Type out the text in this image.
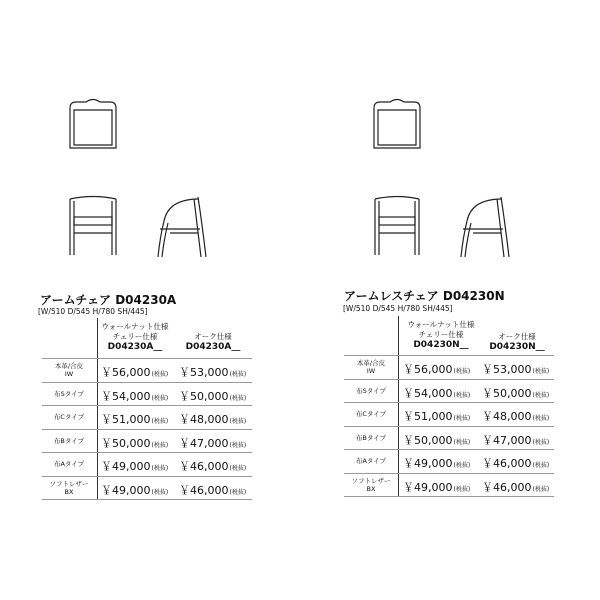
アームチェア D04230A
[W/510 D/545 H/780 SH/445]
ウォールナット仕様
チェリー仕様
D04230A__
オーク仕様
D04230A__
本革/合皮
IW	￥56,000(税抜) ￥53,000(税抜)
布Sタイプ	￥54,000(税抜) ￥50,000(税抜)
布Cタイプ	￥51,000(税抜) ￥48,000(税抜)
布Bタイプ	￥50,000(税抜) ￥47,000(税抜)
布Aタイプ	￥49,000(税抜) ￥46,000(税抜)
ソフトレザー
BX	￥49,000(税抜) ￥46,000(税抜)
アームレスチェア D04230N
[W/510 D/545 H/780 SH/445]
ウォールナット仕様
チェリー仕様
D04230N__
オーク仕様
D04230N__
本革/合皮
IW	￥56,000(税抜) ￥53,000(税抜)
布Sタイプ	￥54,000(税抜) ￥50,000(税抜)
布Cタイプ	￥51,000(税抜) ￥48,000(税抜)
布Bタイプ	￥50,000(税抜) ￥47,000(税抜)
布Aタイプ	￥49,000(税抜) ￥46,000(税抜)
ソフトレザー
BX	￥49,000(税抜) ￥46,000(税抜)
